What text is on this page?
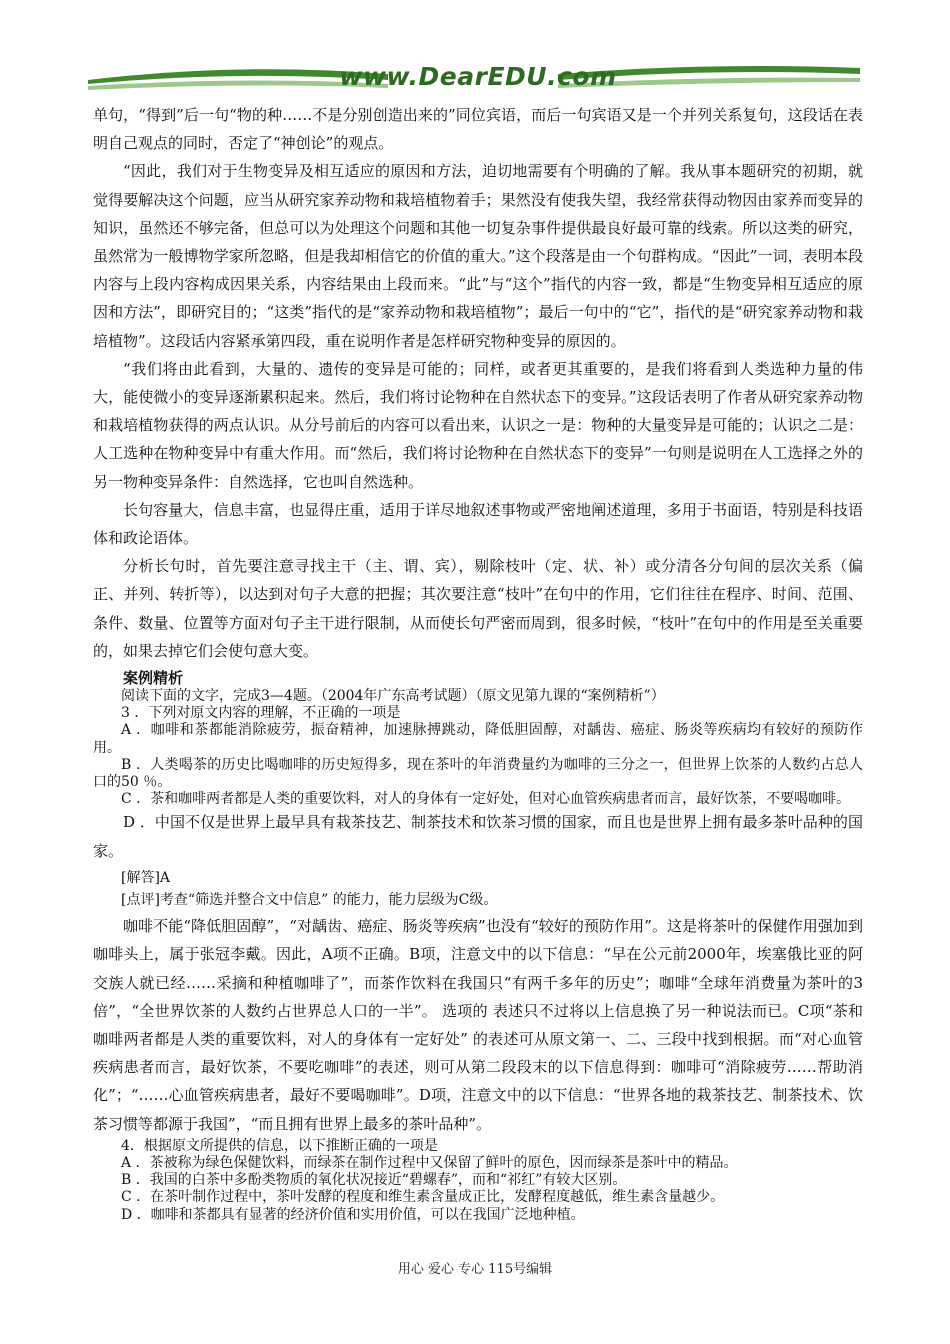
www.DearEDU.com

单句，“得到”后一句“物的种……不是分别创造出来的”同位宾语，而后一句宾语又是一个并列关系复句，这段话在表明自己观点的同时，否定了“神创论”的观点。

“因此，我们对于生物变异及相互适应的原因和方法，迫切地需要有个明确的了解。我从事本题研究的初期，就觉得要解决这个问题，应当从研究家养动物和栽培植物着手；果然没有使我失望，我经常获得动物因由家养而变异的知识，虽然还不够完备，但总可以为处理这个问题和其他一切复杂事件提供最良好最可靠的线索。所以这类的研究，虽然常为一般博物学家所忽略，但是我却相信它的价值的重大。”这个段落是由一个句群构成。“因此”一词，表明本段内容与上段内容构成因果关系，内容结果由上段而来。“此”与“这个”指代的内容一致，都是“生物变异相互适应的原因和方法”，即研究目的；“这类”指代的是“家养动物和栽培植物”；最后一句中的“它”，指代的是“研究家养动物和栽培植物”。这段话内容紧承第四段，重在说明作者是怎样研究物种变异的原因的。

“我们将由此看到，大量的、遗传的变异是可能的；同样，或者更其重要的，是我们将看到人类选种力量的伟大，能使微小的变异逐渐累积起来。然后，我们将讨论物种在自然状态下的变异。”这段话表明了作者从研究家养动物和栽培植物获得的两点认识。从分号前后的内容可以看出来，认识之一是：物种的大量变异是可能的；认识之二是：人工选种在物种变异中有重大作用。而“然后，我们将讨论物种在自然状态下的变异”一句则是说明在人工选择之外的另一物种变异条件：自然选择，它也叫自然选种。

长句容量大，信息丰富，也显得庄重，适用于详尽地叙述事物或严密地阐述道理，多用于书面语，特别是科技语体和政论语体。

分析长句时，首先要注意寻找主干（主、谓、宾），剔除枝叶（定、状、补）或分清各分句间的层次关系（偏正、并列、转折等），以达到对句子大意的把握；其次要注意“枝叶”在句中的作用，它们往往在程序、时间、范围、条件、数量、位置等方面对句子主干进行限制，从而使长句严密而周到，很多时候，“枝叶”在句中的作用是至关重要的，如果去掉它们会使句意大变。

案例精析

阅读下面的文字，完成3—4题。（2004年广东高考试题）（原文见第九课的“案例精析”）

3 ．下列对原文内容的理解，不正确的一项是

A ．咖啡和茶都能消除疲劳，振奋精神，加速脉搏跳动，降低胆固醇，对龋齿、癌症、肠炎等疾病均有较好的预防作用。

B ．人类喝茶的历史比喝咖啡的历史短得多，现在茶叶的年消费量约为咖啡的三分之一，但世界上饮茶的人数约占总人口的50 ％。

C ．茶和咖啡两者都是人类的重要饮料，对人的身体有一定好处，但对心血管疾病患者而言，最好饮茶，不要喝咖啡。

D ．中国不仅是世界上最早具有栽茶技艺、制茶技术和饮茶习惯的国家，而且也是世界上拥有最多茶叶品种的国家。

[解答]A

[点评]考查“筛选并整合文中信息” 的能力，能力层级为C级。

咖啡不能“降低胆固醇”，“对龋齿、癌症、肠炎等疾病”也没有“较好的预防作用”。这是将茶叶的保健作用强加到咖啡头上，属于张冠李戴。因此，A项不正确。B项，注意文中的以下信息：“早在公元前2000年，埃塞俄比亚的阿交族人就已经……采摘和种植咖啡了”，而茶作饮料在我国只“有两千多年的历史”；咖啡“全球年消费量为茶叶的3倍”，“全世界饮茶的人数约占世界总人口的一半”。 选项的 表述只不过将以上信息换了另一种说法而已。C项“茶和咖啡两者都是人类的重要饮料，对人的身体有一定好处” 的表述可从原文第一、二、三段中找到根据。而“对心血管疾病患者而言，最好饮茶，不要吃咖啡”的表述，则可从第二段段末的以下信息得到：咖啡可“消除疲劳……帮助消化”；“……心血管疾病患者，最好不要喝咖啡”。D项，注意文中的以下信息：“世界各地的栽茶技艺、制茶技术、饮茶习惯等都源于我国”，“而且拥有世界上最多的茶叶品种”。

4．根据原文所提供的信息，以下推断正确的一项是

A ．茶被称为绿色保健饮料，而绿茶在制作过程中又保留了鲜叶的原色，因而绿茶是茶叶中的精品。

B ．我国的白茶中多酚类物质的氧化状况接近“碧螺春”，而和“祁红”有较大区别。

C ．在茶叶制作过程中，茶叶发酵的程度和维生素含量成正比，发酵程度越低，维生素含量越少。

D ．咖啡和茶都具有显著的经济价值和实用价值，可以在我国广泛地种植。

用心 爱心 专心 115号编辑
